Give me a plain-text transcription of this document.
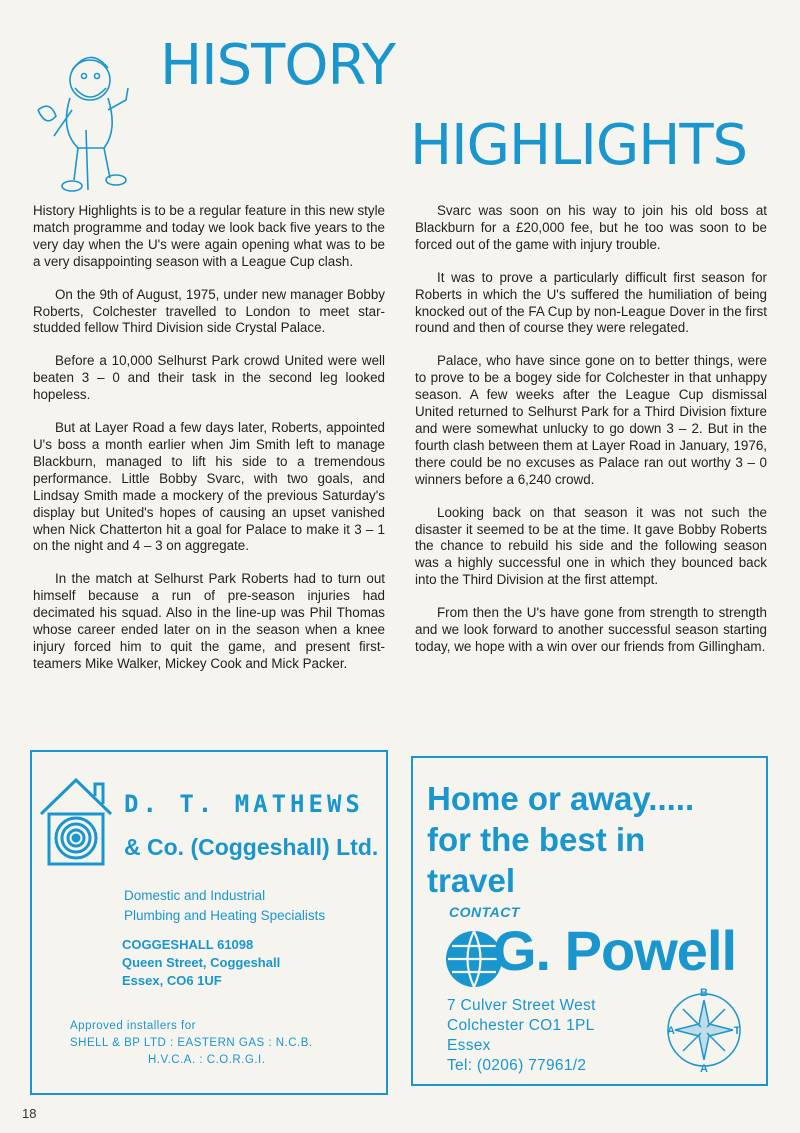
HISTORY
HIGHLIGHTS

History Highlights is to be a regular feature in this new style match programme and today we look back five years to the very day when the U's were again opening what was to be a very disappointing season with a League Cup clash.

On the 9th of August, 1975, under new manager Bobby Roberts, Colchester travelled to London to meet star-studded fellow Third Division side Crystal Palace.

Before a 10,000 Selhurst Park crowd United were well beaten 3 – 0 and their task in the second leg looked hopeless.

But at Layer Road a few days later, Roberts, appointed U's boss a month earlier when Jim Smith left to manage Blackburn, managed to lift his side to a tremendous performance. Little Bobby Svarc, with two goals, and Lindsay Smith made a mockery of the previous Saturday's display but United's hopes of causing an upset vanished when Nick Chatterton hit a goal for Palace to make it 3 – 1 on the night and 4 – 3 on aggregate.

In the match at Selhurst Park Roberts had to turn out himself because a run of pre-season injuries had decimated his squad. Also in the line-up was Phil Thomas whose career ended later on in the season when a knee injury forced him to quit the game, and present first-teamers Mike Walker, Mickey Cook and Mick Packer.

Svarc was soon on his way to join his old boss at Blackburn for a £20,000 fee, but he too was soon to be forced out of the game with injury trouble.

It was to prove a particularly difficult first season for Roberts in which the U's suffered the humiliation of being knocked out of the FA Cup by non-League Dover in the first round and then of course they were relegated.

Palace, who have since gone on to better things, were to prove to be a bogey side for Colchester in that unhappy season. A few weeks after the League Cup dismissal United returned to Selhurst Park for a Third Division fixture and were somewhat unlucky to go down 3 – 2. But in the fourth clash between them at Layer Road in January, 1976, there could be no excuses as Palace ran out worthy 3 – 0 winners before a 6,240 crowd.

Looking back on that season it was not such the disaster it seemed to be at the time. It gave Bobby Roberts the chance to rebuild his side and the following season was a highly successful one in which they bounced back into the Third Division at the first attempt.

From then the U's have gone from strength to strength and we look forward to another successful season starting today, we hope with a win over our friends from Gillingham.

D. T. MATHEWS
& Co. (Coggeshall) Ltd.
Domestic and Industrial
Plumbing and Heating Specialists
COGGESHALL 61098
Queen Street, Coggeshall
Essex, CO6 1UF
Approved installers for
SHELL & BP LTD : EASTERN GAS : N.C.B.
H.V.C.A. : C.O.R.G.I.
Home or away.....
for the best in
travel
CONTACT
G. Powell
7 Culver Street West
Colchester CO1 1PL
Essex
Tel: (0206) 77961/2
B
A	T
A
18
